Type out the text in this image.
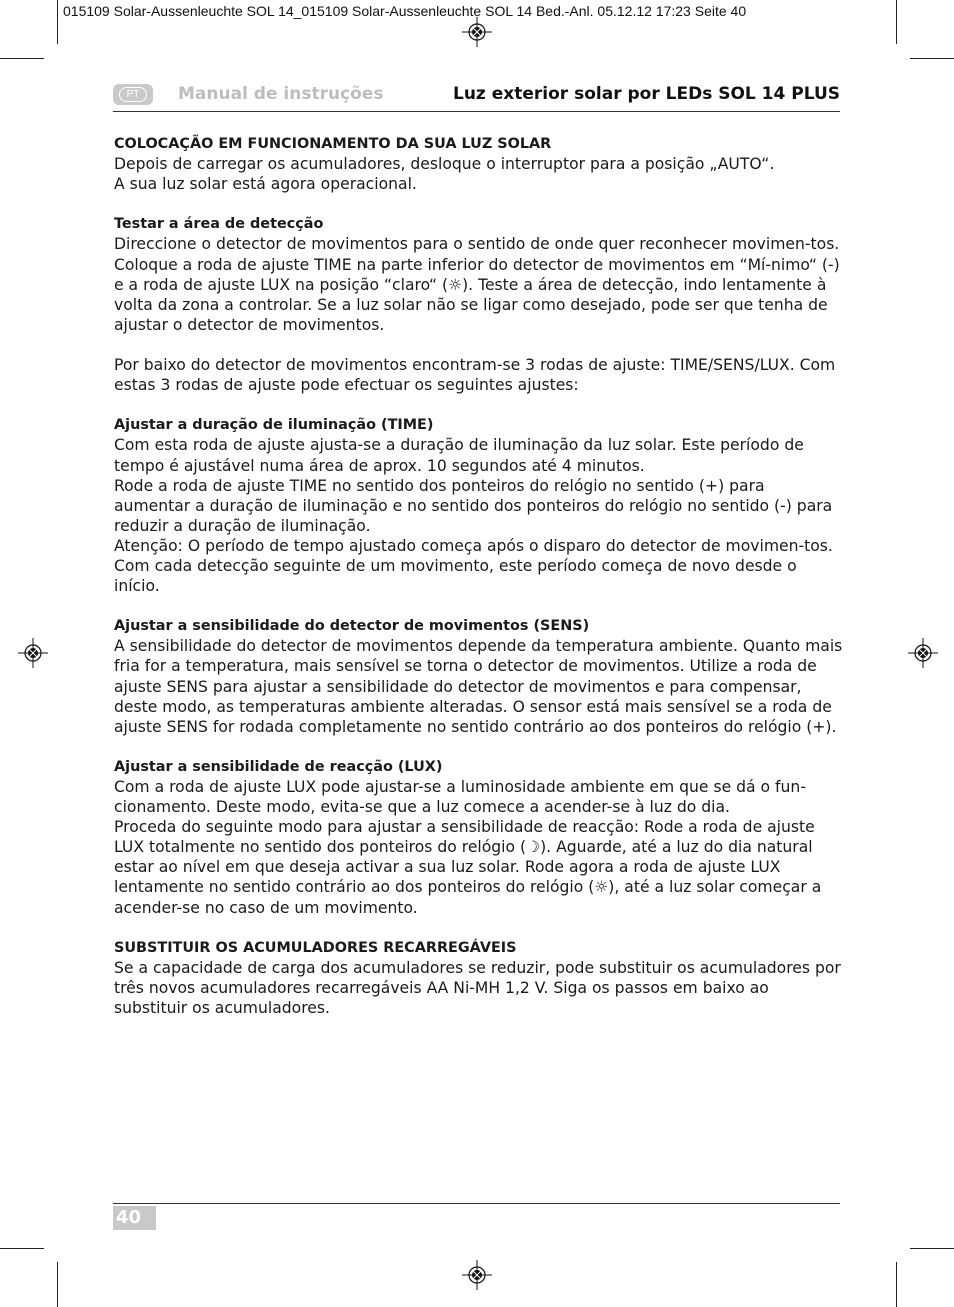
015109 Solar-Aussenleuchte SOL 14_015109 Solar-Aussenleuchte SOL 14 Bed.-Anl. 05.12.12 17:23 Seite 40
PT	Manual de instruções	Luz exterior solar por LEDs SOL 14 PLUS
COLOCAÇÃO EM FUNCIONAMENTO DA SUA LUZ SOLAR

Depois de carregar os acumuladores, desloque o interruptor para a posição „AUTO“.

A sua luz solar está agora operacional.

Testar a área de detecção

Direccione o detector de movimentos para o sentido de onde quer reconhecer movimen-tos. Coloque a roda de ajuste TIME na parte inferior do detector de movimentos em “Mí-nimo“ (-) e a roda de ajuste LUX na posição “claro“ (☼). Teste a área de detecção, indo lentamente à volta da zona a controlar. Se a luz solar não se ligar como desejado, pode ser que tenha de ajustar o detector de movimentos.

Por baixo do detector de movimentos encontram-se 3 rodas de ajuste: TIME/SENS/LUX. Com estas 3 rodas de ajuste pode efectuar os seguintes ajustes:

Ajustar a duração de iluminação (TIME)

Com esta roda de ajuste ajusta-se a duração de iluminação da luz solar. Este período de tempo é ajustável numa área de aprox. 10 segundos até 4 minutos.

Rode a roda de ajuste TIME no sentido dos ponteiros do relógio no sentido (+) para aumentar a duração de iluminação e no sentido dos ponteiros do relógio no sentido (-) para reduzir a duração de iluminação.

Atenção: O período de tempo ajustado começa após o disparo do detector de movimen-tos. Com cada detecção seguinte de um movimento, este período começa de novo desde o início.

Ajustar a sensibilidade do detector de movimentos (SENS)

A sensibilidade do detector de movimentos depende da temperatura ambiente. Quanto mais fria for a temperatura, mais sensível se torna o detector de movimentos. Utilize a roda de ajuste SENS para ajustar a sensibilidade do detector de movimentos e para compensar, deste modo, as temperaturas ambiente alteradas. O sensor está mais sensível se a roda de ajuste SENS for rodada completamente no sentido contrário ao dos ponteiros do relógio (+).

Ajustar a sensibilidade de reacção (LUX)

Com a roda de ajuste LUX pode ajustar-se a luminosidade ambiente em que se dá o fun-cionamento. Deste modo, evita-se que a luz comece a acender-se à luz do dia.

Proceda do seguinte modo para ajustar a sensibilidade de reacção: Rode a roda de ajuste LUX totalmente no sentido dos ponteiros do relógio (☽). Aguarde, até a luz do dia natural estar ao nível em que deseja activar a sua luz solar. Rode agora a roda de ajuste LUX lentamente no sentido contrário ao dos ponteiros do relógio (☼), até a luz solar começar a acender-se no caso de um movimento.

SUBSTITUIR OS ACUMULADORES RECARREGÁVEIS

Se a capacidade de carga dos acumuladores se reduzir, pode substituir os acumuladores por três novos acumuladores recarregáveis AA Ni-MH 1,2 V. Siga os passos em baixo ao substituir os acumuladores.

40
